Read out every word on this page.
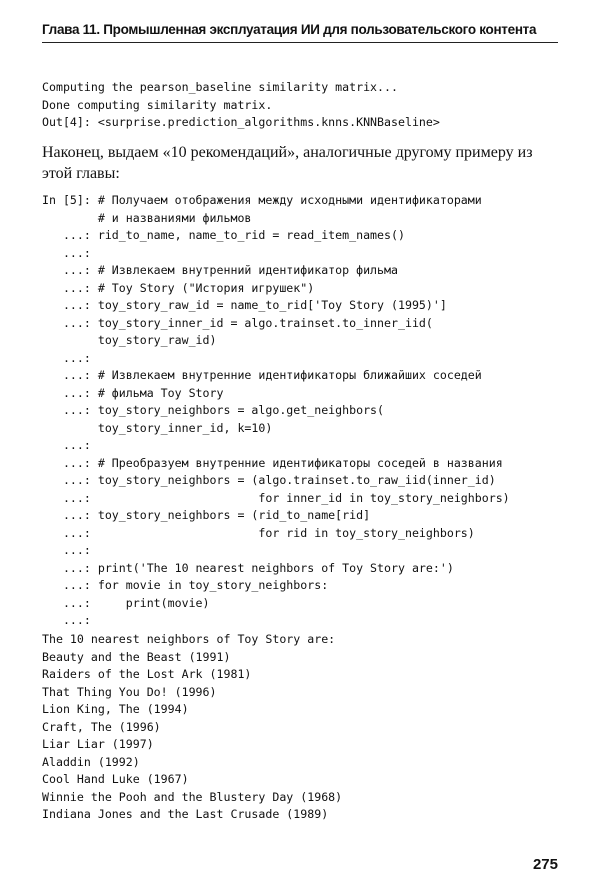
Глава 11. Промышленная эксплуатация ИИ для пользовательского контента
Computing the pearson_baseline similarity matrix...
Done computing similarity matrix.
Out[4]: <surprise.prediction_algorithms.knns.KNNBaseline>
Наконец, выдаем «10 рекомендаций», аналогичные другому примеру из этой главы:
In [5]: # Получаем отображения между исходными идентификаторами
# и названиями фильмов
...: rid_to_name, name_to_rid = read_item_names()
...:
...: # Извлекаем внутренний идентификатор фильма
...: # Toy Story ("История игрушек")
...: toy_story_raw_id = name_to_rid['Toy Story (1995)']
...: toy_story_inner_id = algo.trainset.to_inner_iid(
toy_story_raw_id)
...:
...: # Извлекаем внутренние идентификаторы ближайших соседей
...: # фильма Toy Story
...: toy_story_neighbors = algo.get_neighbors(
toy_story_inner_id, k=10)
...:
...: # Преобразуем внутренние идентификаторы соседей в названия
...: toy_story_neighbors = (algo.trainset.to_raw_iid(inner_id)
...:                        for inner_id in toy_story_neighbors)
...: toy_story_neighbors = (rid_to_name[rid]
...:                        for rid in toy_story_neighbors)
...:
...: print('The 10 nearest neighbors of Toy Story are:')
...: for movie in toy_story_neighbors:
...:     print(movie)
...:
The 10 nearest neighbors of Toy Story are:
Beauty and the Beast (1991)
Raiders of the Lost Ark (1981)
That Thing You Do! (1996)
Lion King, The (1994)
Craft, The (1996)
Liar Liar (1997)
Aladdin (1992)
Cool Hand Luke (1967)
Winnie the Pooh and the Blustery Day (1968)
Indiana Jones and the Last Crusade (1989)
275
